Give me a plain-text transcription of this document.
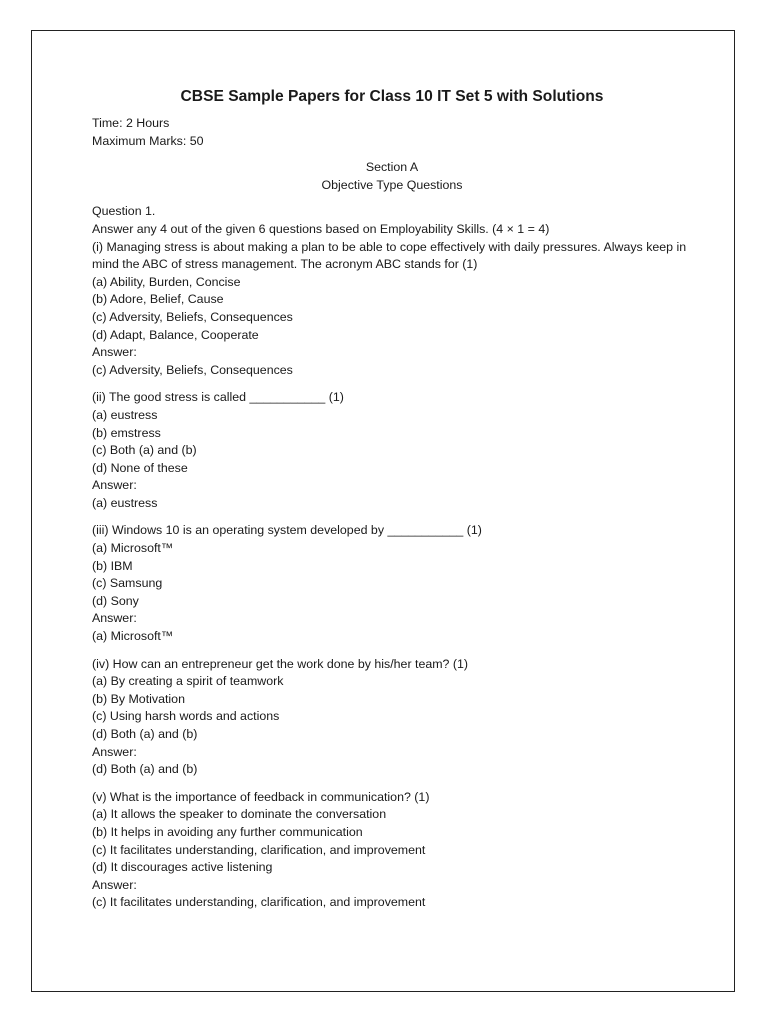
CBSE Sample Papers for Class 10 IT Set 5 with Solutions
Time: 2 Hours
Maximum Marks: 50
Section A
Objective Type Questions
Question 1.
Answer any 4 out of the given 6 questions based on Employability Skills. (4 × 1 = 4)
(i) Managing stress is about making a plan to be able to cope effectively with daily pressures. Always keep in mind the ABC of stress management. The acronym ABC stands for (1)
(a) Ability, Burden, Concise
(b) Adore, Belief, Cause
(c) Adversity, Beliefs, Consequences
(d) Adapt, Balance, Cooperate
Answer:
(c) Adversity, Beliefs, Consequences
(ii) The good stress is called ___________ (1)
(a) eustress
(b) emstress
(c) Both (a) and (b)
(d) None of these
Answer:
(a) eustress
(iii) Windows 10 is an operating system developed by ___________ (1)
(a) Microsoft™
(b) IBM
(c) Samsung
(d) Sony
Answer:
(a) Microsoft™
(iv) How can an entrepreneur get the work done by his/her team? (1)
(a) By creating a spirit of teamwork
(b) By Motivation
(c) Using harsh words and actions
(d) Both (a) and (b)
Answer:
(d) Both (a) and (b)
(v) What is the importance of feedback in communication? (1)
(a) It allows the speaker to dominate the conversation
(b) It helps in avoiding any further communication
(c) It facilitates understanding, clarification, and improvement
(d) It discourages active listening
Answer:
(c) It facilitates understanding, clarification, and improvement
